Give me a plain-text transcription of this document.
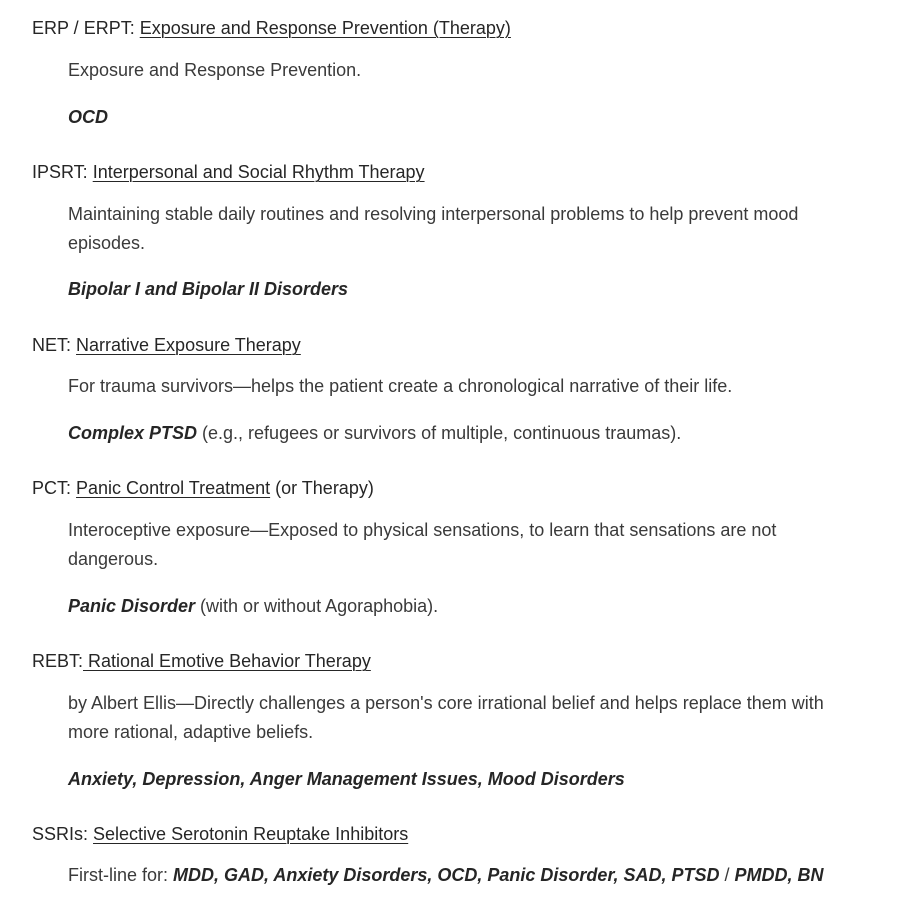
ERP / ERPT: Exposure and Response Prevention (Therapy)
Exposure and Response Prevention.
OCD
IPSRT: Interpersonal and Social Rhythm Therapy
Maintaining stable daily routines and resolving interpersonal problems to help prevent mood episodes.
Bipolar I and Bipolar II Disorders
NET: Narrative Exposure Therapy
For trauma survivors—helps the patient create a chronological narrative of their life.
Complex PTSD (e.g., refugees or survivors of multiple, continuous traumas).
PCT: Panic Control Treatment (or Therapy)
Interoceptive exposure—Exposed to physical sensations, to learn that sensations are not dangerous.
Panic Disorder (with or without Agoraphobia).
REBT: Rational Emotive Behavior Therapy
by Albert Ellis—Directly challenges a person's core irrational belief and helps replace them with more rational, adaptive beliefs.
Anxiety, Depression, Anger Management Issues, Mood Disorders
SSRIs: Selective Serotonin Reuptake Inhibitors
First-line for: MDD, GAD, Anxiety Disorders, OCD, Panic Disorder, SAD, PTSD / PMDD, BN
